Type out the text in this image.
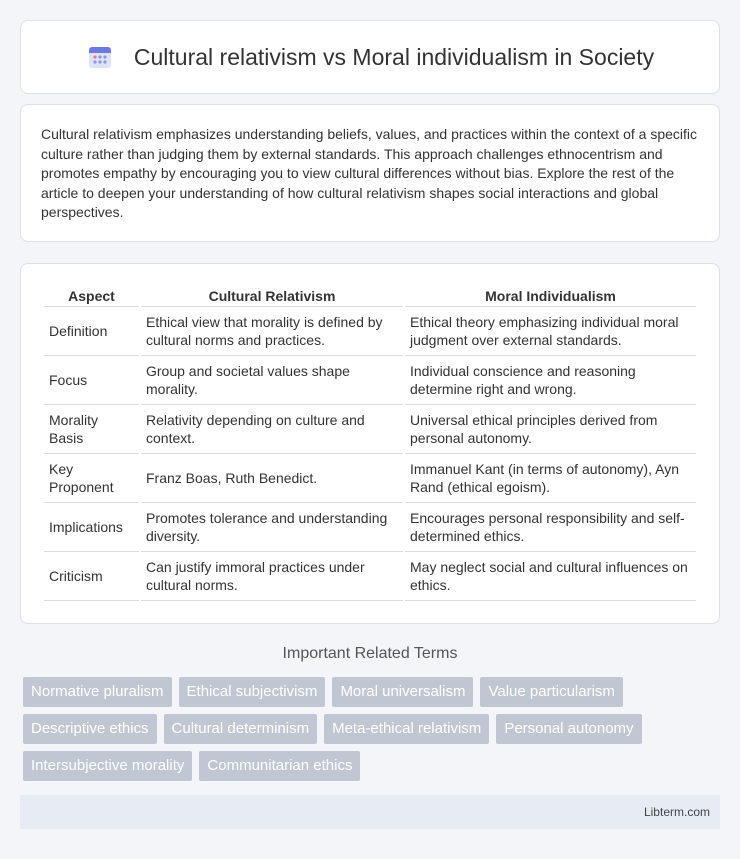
Cultural relativism vs Moral individualism in Society

Cultural relativism emphasizes understanding beliefs, values, and practices within the context of a specific culture rather than judging them by external standards. This approach challenges ethnocentrism and promotes empathy by encouraging you to view cultural differences without bias. Explore the rest of the article to deepen your understanding of how cultural relativism shapes social interactions and global perspectives.

Aspect	Cultural Relativism	Moral Individualism
Definition	Ethical view that morality is defined by cultural norms and practices.	Ethical theory emphasizing individual moral judgment over external standards.
Focus	Group and societal values shape morality.	Individual conscience and reasoning determine right and wrong.
Morality Basis	Relativity depending on culture and context.	Universal ethical principles derived from personal autonomy.
Key Proponent	Franz Boas, Ruth Benedict.	Immanuel Kant (in terms of autonomy), Ayn Rand (ethical egoism).
Implications	Promotes tolerance and understanding diversity.	Encourages personal responsibility and self-determined ethics.
Criticism	Can justify immoral practices under cultural norms.	May neglect social and cultural influences on ethics.
Important Related Terms
Normative pluralism	Ethical subjectivism	Moral universalism	Value particularism
Descriptive ethics	Cultural determinism	Meta-ethical relativism	Personal autonomy
Intersubjective morality	Communitarian ethics
Libterm.com
